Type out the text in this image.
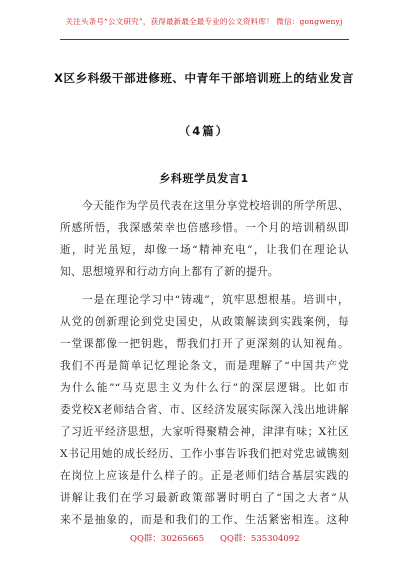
关注头条号“公文研究”，获得最新最全最专业的公文资料库！ 微信：gongwenyj
X区乡科级干部进修班、中青年干部培训班上的结业发言
（4篇）
乡科班学员发言1
今天能作为学员代表在这里分享党校培训的所学所思、
所感所悟，我深感荣幸也倍感珍惜。一个月的培训稍纵即
逝，时光虽短，却像一场“精神充电”，让我们在理论认
知、思想境界和行动方向上都有了新的提升。
一是在理论学习中“铸魂”，筑牢思想根基。培训中，
从党的创新理论到党史国史，从政策解读到实践案例，每
一堂课都像一把钥匙，帮我们打开了更深刻的认知视角。
我们不再是简单记忆理论条文，而是理解了“中国共产党
为什么能”“马克思主义为什么行”的深层逻辑。比如市
委党校X老师结合省、市、区经济发展实际深入浅出地讲解
了习近平经济思想，大家听得聚精会神，津津有味；X社区
X书记用她的成长经历、工作小事告诉我们把对党忠诚镌刻
在岗位上应该是什么样子的。正是老师们结合基层实践的
讲解让我们在学习最新政策部署时明白了“国之大者”从
来不是抽象的，而是和我们的工作、生活紧密相连。这种
QQ群：30265665 QQ群：535304092
